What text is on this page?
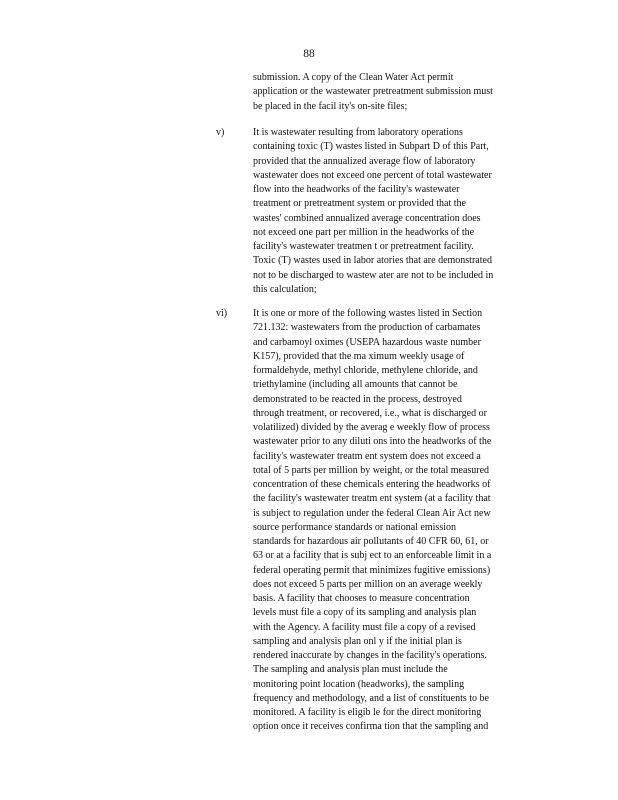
88
submission. A copy of the Clean Water Act permit
application or the wastewater pretreatment submission must
be placed in the facil ity's on-site files;
v)	It is wastewater resulting from laboratory operations
containing toxic (T) wastes listed in Subpart D of this Part,
provided that the annualized average flow of laboratory
wastewater does not exceed one percent of total wastewater
flow into the headworks of the facility's wastewater
treatment or pretreatment system or provided that the
wastes' combined annualized average concentration does
not exceed one part per million in the headworks of the
facility's wastewater treatmen t or pretreatment facility.
Toxic (T) wastes used in labor atories that are demonstrated
not to be discharged to wastew ater are not to be included in
this calculation;
vi)	It is one or more of the following wastes listed in Section
721.132: wastewaters from the production of carbamates
and carbamoyl oximes (USEPA hazardous waste number
K157), provided that the ma ximum weekly usage of
formaldehyde, methyl chloride, methylene chloride, and
triethylamine (including all amounts that cannot be
demonstrated to be reacted in the process, destroyed
through treatment, or recovered, i.e., what is discharged or
volatilized) divided by the averag e weekly flow of process
wastewater prior to any diluti ons into the headworks of the
facility's wastewater treatm ent system does not exceed a
total of 5 parts per million by weight, or the total measured
concentration of these chemicals entering the headworks of
the facility's wastewater treatm ent system (at a facility that
is subject to regulation under the federal Clean Air Act new
source performance standards or national emission
standards for hazardous air pollutants of 40 CFR 60, 61, or
63 or at a facility that is subj ect to an enforceable limit in a
federal operating permit that minimizes fugitive emissions)
does not exceed 5 parts per million on an average weekly
basis. A facility that chooses to measure concentration
levels must file a copy of its sampling and analysis plan
with the Agency. A facility must file a copy of a revised
sampling and analysis plan onl y if the initial plan is
rendered inaccurate by changes in the facility's operations.
The sampling and analysis plan must include the
monitoring point location (headworks), the sampling
frequency and methodology, and a list of constituents to be
monitored. A facility is eligib le for the direct monitoring
option once it receives confirma tion that the sampling and
